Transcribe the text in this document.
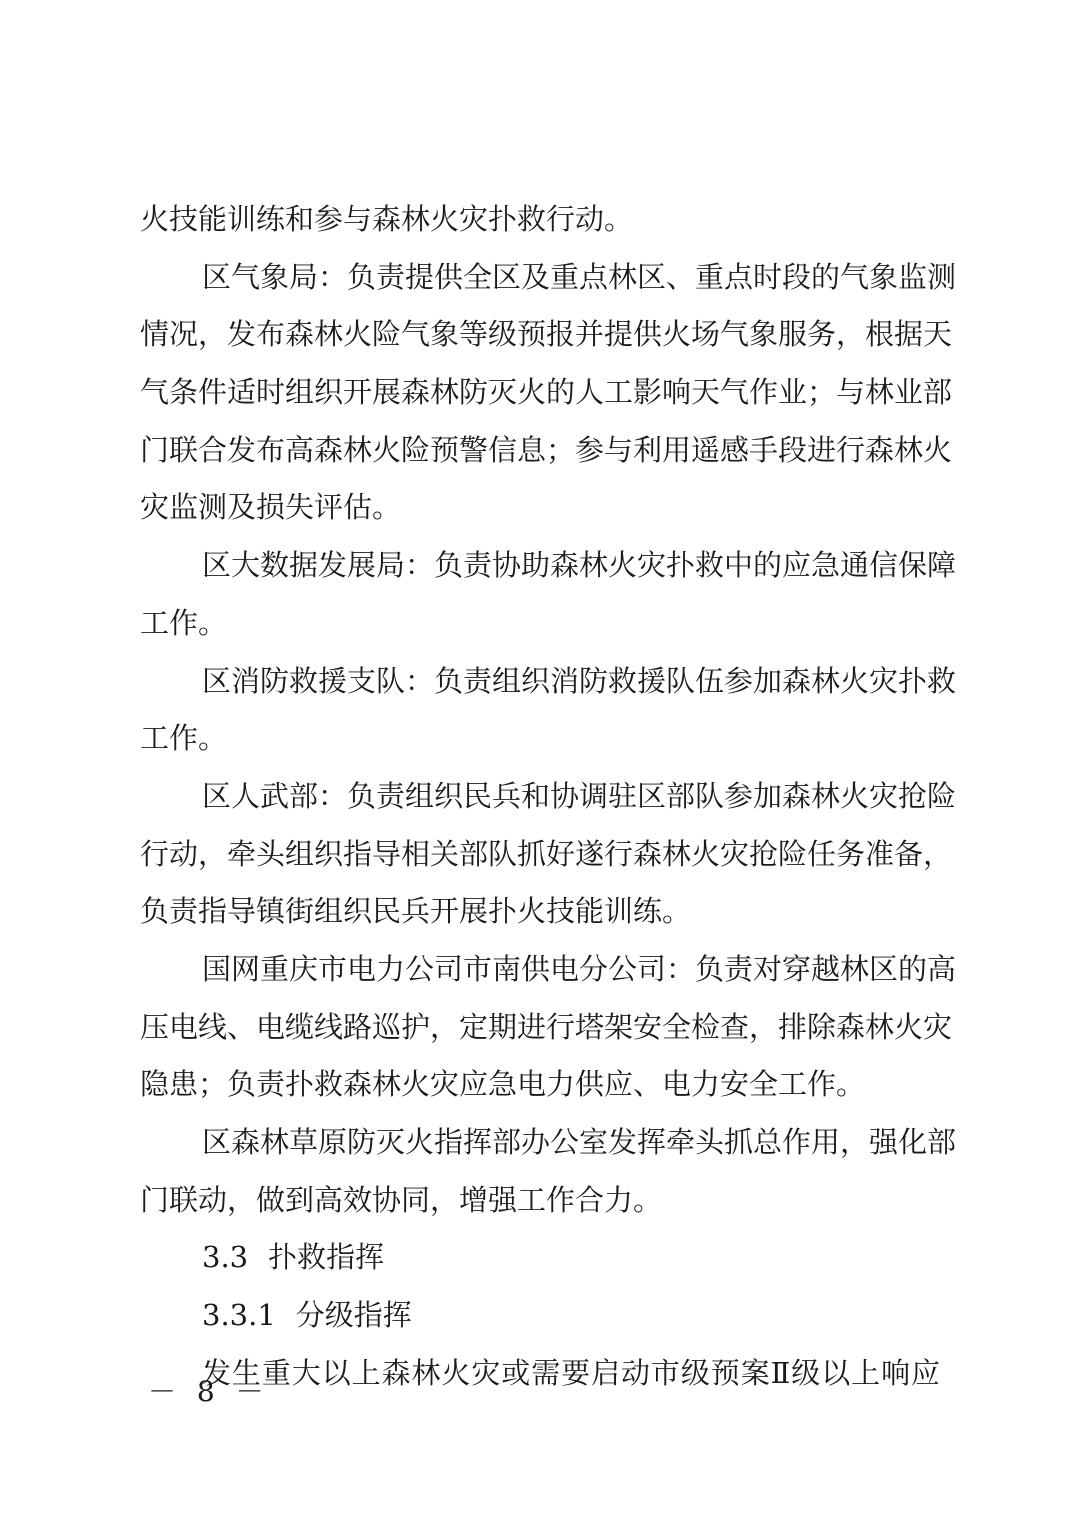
火技能训练和参与森林火灾扑救行动。
区气象局：负责提供全区及重点林区、重点时段的气象监测
情况，发布森林火险气象等级预报并提供火场气象服务，根据天
气条件适时组织开展森林防灭火的人工影响天气作业；与林业部
门联合发布高森林火险预警信息；参与利用遥感手段进行森林火
灾监测及损失评估。
区大数据发展局：负责协助森林火灾扑救中的应急通信保障
工作。
区消防救援支队：负责组织消防救援队伍参加森林火灾扑救
工作。
区人武部：负责组织民兵和协调驻区部队参加森林火灾抢险
行动，牵头组织指导相关部队抓好遂行森林火灾抢险任务准备，
负责指导镇街组织民兵开展扑火技能训练。
国网重庆市电力公司市南供电分公司：负责对穿越林区的高
压电线、电缆线路巡护，定期进行塔架安全检查，排除森林火灾
隐患；负责扑救森林火灾应急电力供应、电力安全工作。
区森林草原防灭火指挥部办公室发挥牵头抓总作用，强化部
门联动，做到高效协同，增强工作合力。
3.3 扑救指挥
3.3.1 分级指挥
发生重大以上森林火灾或需要启动市级预案Ⅱ级以上响应
－ 8 －
